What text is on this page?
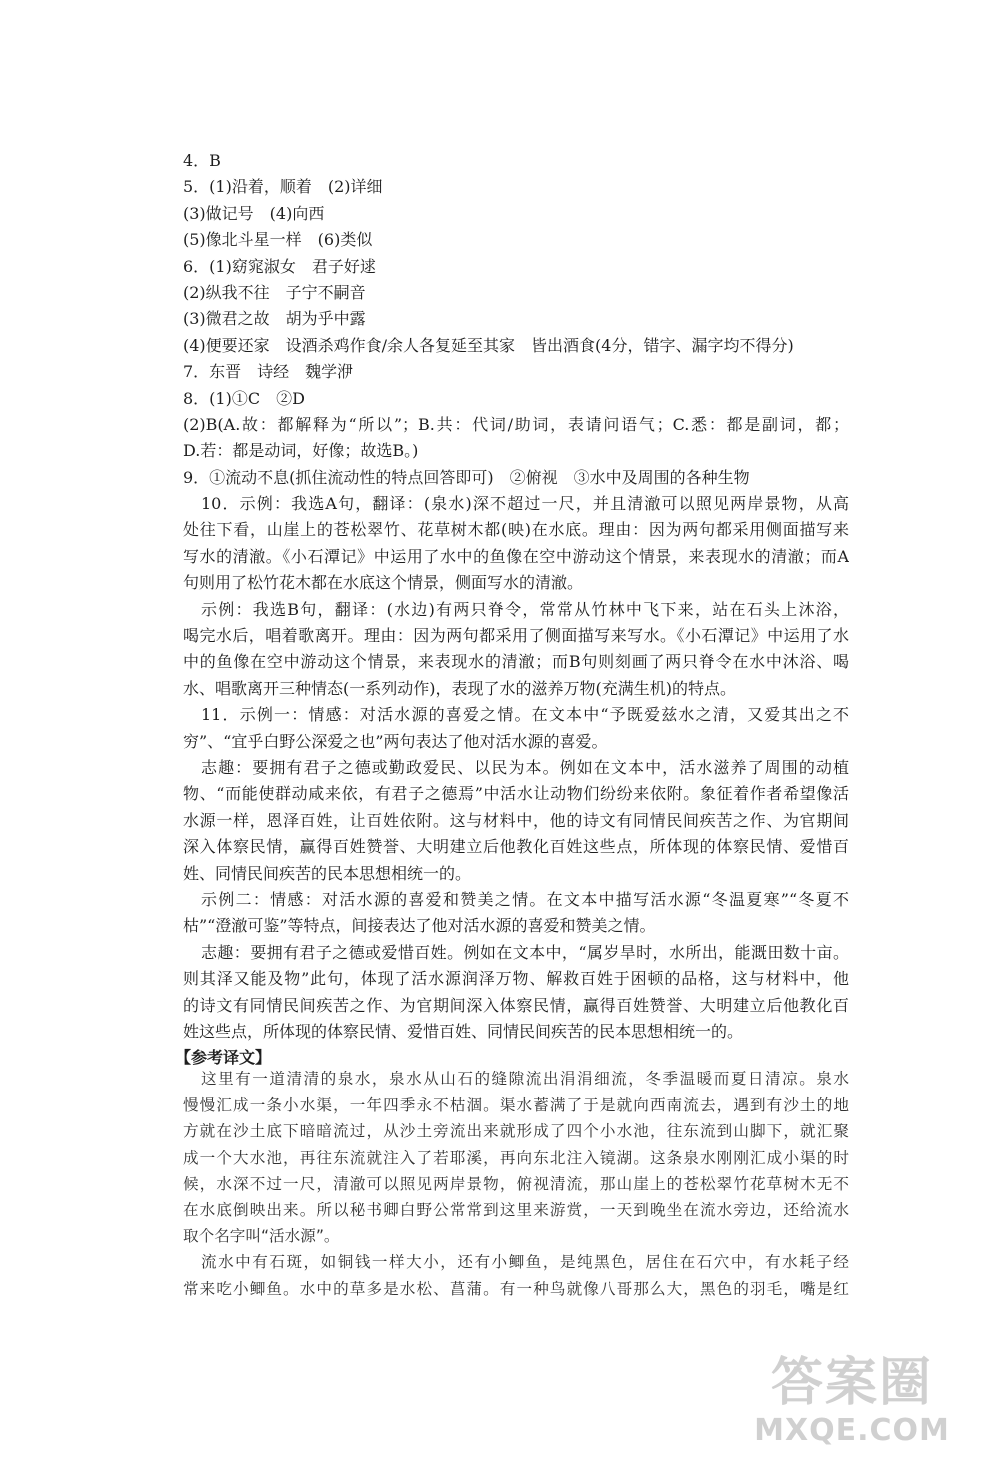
4．B
5．(1)沿着，顺着　(2)详细
(3)做记号　(4)向西
(5)像北斗星一样　(6)类似
6．(1)窈窕淑女　君子好逑
(2)纵我不往　子宁不嗣音
(3)微君之故　胡为乎中露
(4)便要还家　设酒杀鸡作食/余人各复延至其家　皆出酒食(4分，错字、漏字均不得分)
7．东晋　诗经　魏学洢
8．(1)①C　②D
(2)B(A.故：都解释为“所以”；B.共：代词/助词，表请问语气；C.悉：都是副词，都；
D.若：都是动词，好像；故选B。)
9．①流动不息(抓住流动性的特点回答即可)　②俯视　③水中及周围的各种生物
10．示例：我选A句，翻译：(泉水)深不超过一尺，并且清澈可以照见两岸景物，从高
处往下看，山崖上的苍松翠竹、花草树木都(映)在水底。理由：因为两句都采用侧面描写来
写水的清澈。《小石潭记》中运用了水中的鱼像在空中游动这个情景，来表现水的清澈；而A
句则用了松竹花木都在水底这个情景，侧面写水的清澈。
示例：我选B句，翻译：(水边)有两只脊令，常常从竹林中飞下来，站在石头上沐浴，
喝完水后，唱着歌离开。理由：因为两句都采用了侧面描写来写水。《小石潭记》中运用了水
中的鱼像在空中游动这个情景，来表现水的清澈；而B句则刻画了两只脊令在水中沐浴、喝
水、唱歌离开三种情态(一系列动作)，表现了水的滋养万物(充满生机)的特点。
11．示例一：情感：对活水源的喜爱之情。在文本中“予既爱兹水之清，又爱其出之不
穷”、“宜乎白野公深爱之也”两句表达了他对活水源的喜爱。
志趣：要拥有君子之德或勤政爱民、以民为本。例如在文本中，活水滋养了周围的动植
物、“而能使群动咸来依，有君子之德焉”中活水让动物们纷纷来依附。象征着作者希望像活
水源一样，恩泽百姓，让百姓依附。这与材料中，他的诗文有同情民间疾苦之作、为官期间
深入体察民情，赢得百姓赞誉、大明建立后他教化百姓这些点，所体现的体察民情、爱惜百
姓、同情民间疾苦的民本思想相统一的。
示例二：情感：对活水源的喜爱和赞美之情。在文本中描写活水源“冬温夏寒”“冬夏不
枯”“澄澈可鉴”等特点，间接表达了他对活水源的喜爱和赞美之情。
志趣：要拥有君子之德或爱惜百姓。例如在文本中，“属岁旱时，水所出，能溉田数十亩。
则其泽又能及物”此句，体现了活水源润泽万物、解救百姓于困顿的品格，这与材料中，他
的诗文有同情民间疾苦之作、为官期间深入体察民情，赢得百姓赞誉、大明建立后他教化百
姓这些点，所体现的体察民情、爱惜百姓、同情民间疾苦的民本思想相统一的。
【参考译文】
这里有一道清清的泉水，泉水从山石的缝隙流出涓涓细流，冬季温暖而夏日清凉。泉水
慢慢汇成一条小水渠，一年四季永不枯涸。渠水蓄满了于是就向西南流去，遇到有沙土的地
方就在沙土底下暗暗流过，从沙土旁流出来就形成了四个小水池，往东流到山脚下，就汇聚
成一个大水池，再往东流就注入了若耶溪，再向东北注入镜湖。这条泉水刚刚汇成小渠的时
候，水深不过一尺，清澈可以照见两岸景物，俯视清流，那山崖上的苍松翠竹花草树木无不
在水底倒映出来。所以秘书卿白野公常常到这里来游赏，一天到晚坐在流水旁边，还给流水
取个名字叫“活水源”。
流水中有石斑，如铜钱一样大小，还有小鲫鱼，是纯黑色，居住在石穴中，有水耗子经
常来吃小鲫鱼。水中的草多是水松、菖蒲。有一种鸟就像八哥那么大，黑色的羽毛，嘴是红
答案圈
MXQE.COM
